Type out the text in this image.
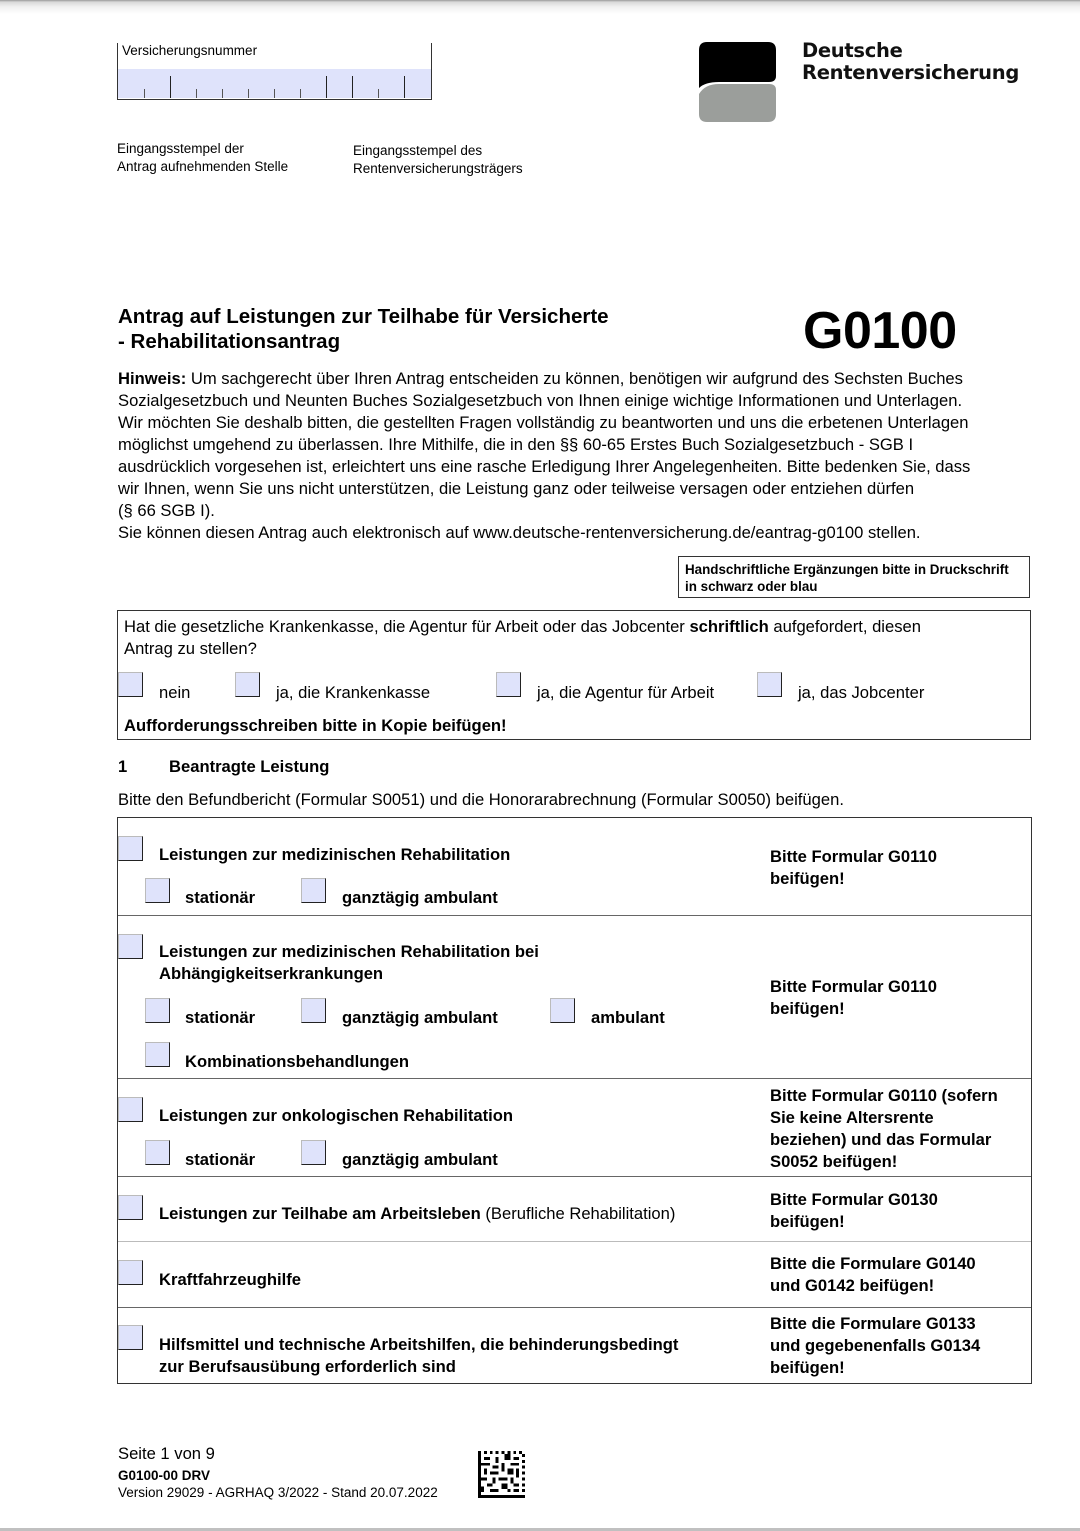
Versicherungsnummer
Eingangsstempel der
Antrag aufnehmenden Stelle
Eingangsstempel des
Rentenversicherungsträgers
Deutsche
Rentenversicherung
Antrag auf Leistungen zur Teilhabe für Versicherte
- Rehabilitationsantrag	G0100
Hinweis: Um sachgerecht über Ihren Antrag entscheiden zu können, benötigen wir aufgrund des Sechsten Buches
Sozialgesetzbuch und Neunten Buches Sozialgesetzbuch von Ihnen einige wichtige Informationen und Unterlagen.
Wir möchten Sie deshalb bitten, die gestellten Fragen vollständig zu beantworten und uns die erbetenen Unterlagen
möglichst umgehend zu überlassen. Ihre Mithilfe, die in den §§ 60-65 Erstes Buch Sozialgesetzbuch - SGB I
ausdrücklich vorgesehen ist, erleichtert uns eine rasche Erledigung Ihrer Angelegenheiten. Bitte bedenken Sie, dass
wir Ihnen, wenn Sie uns nicht unterstützen, die Leistung ganz oder teilweise versagen oder entziehen dürfen
(§ 66 SGB I).
Sie können diesen Antrag auch elektronisch auf www.deutsche-rentenversicherung.de/eantrag-g0100 stellen.
Handschriftliche Ergänzungen bitte in Druckschrift
in schwarz oder blau
Hat die gesetzliche Krankenkasse, die Agentur für Arbeit oder das Jobcenter schriftlich aufgefordert, diesen
Antrag zu stellen?
nein	ja, die Krankenkasse	ja, die Agentur für Arbeit	ja, das Jobcenter
Aufforderungsschreiben bitte in Kopie beifügen!
1	Beantragte Leistung
Bitte den Befundbericht (Formular S0051) und die Honorarabrechnung (Formular S0050) beifügen.
Leistungen zur medizinischen Rehabilitation
stationär	ganztägig ambulant
Bitte Formular G0110
beifügen!
Leistungen zur medizinischen Rehabilitation bei
Abhängigkeitserkrankungen
stationär	ganztägig ambulant	ambulant
Kombinationsbehandlungen
Bitte Formular G0110
beifügen!
Leistungen zur onkologischen Rehabilitation
stationär	ganztägig ambulant
Bitte Formular G0110 (sofern
Sie keine Altersrente
beziehen) und das Formular
S0052 beifügen!
Leistungen zur Teilhabe am Arbeitsleben (Berufliche Rehabilitation)
Bitte Formular G0130
beifügen!
Kraftfahrzeughilfe
Bitte die Formulare G0140
und G0142 beifügen!
Hilfsmittel und technische Arbeitshilfen, die behinderungsbedingt
zur Berufsausübung erforderlich sind
Bitte die Formulare G0133
und gegebenenfalls G0134
beifügen!
Seite 1 von 9
G0100-00 DRV
Version 29029 - AGRHAQ 3/2022 - Stand 20.07.2022
